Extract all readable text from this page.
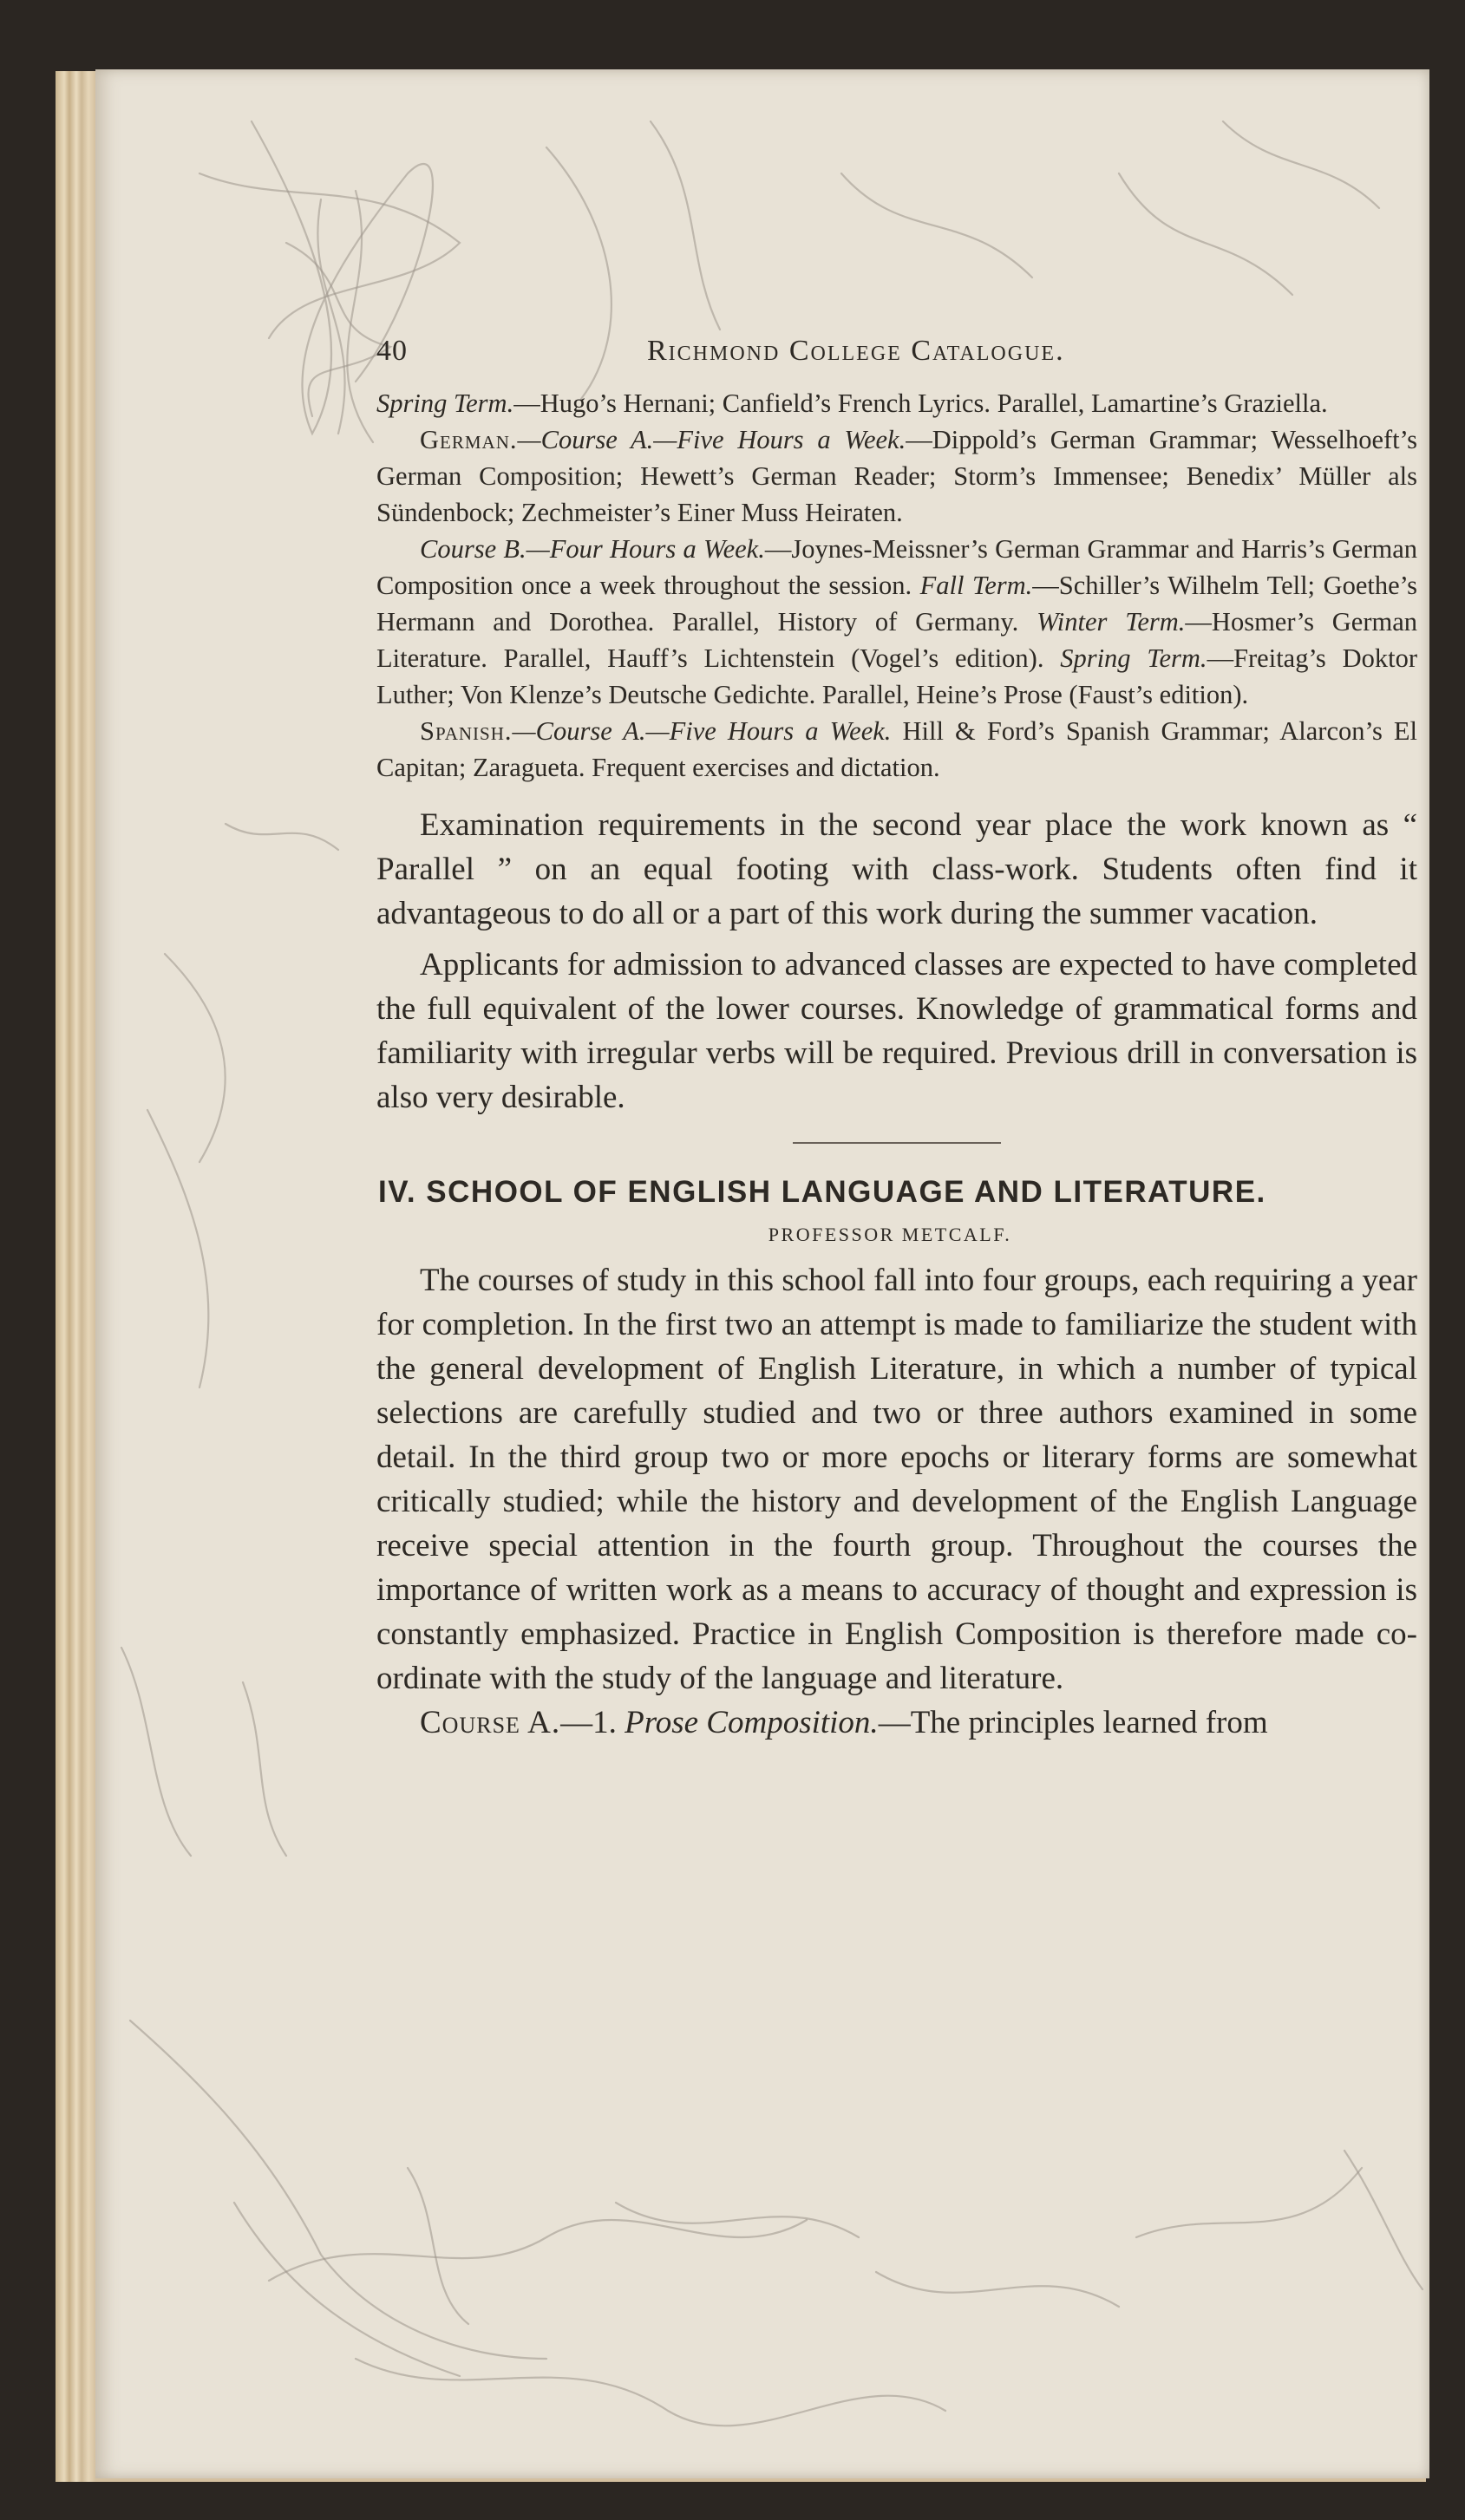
40	Richmond College Catalogue.

Spring Term.—Hugo’s Hernani; Canfield’s French Lyrics. Parallel, Lamartine’s Graziella.

German.—Course A.—Five Hours a Week.—Dippold’s German Grammar; Wesselhoeft’s German Composition; Hewett’s German Reader; Storm’s Immensee; Benedix’ Müller als Sündenbock; Zechmeister’s Einer Muss Heiraten.

Course B.—Four Hours a Week.—Joynes-Meissner’s German Grammar and Harris’s German Composition once a week throughout the session. Fall Term.—Schiller’s Wilhelm Tell; Goethe’s Hermann and Dorothea. Parallel, History of Germany. Winter Term.—Hosmer’s German Literature. Parallel, Hauff’s Lichtenstein (Vogel’s edition). Spring Term.—Freitag’s Doktor Luther; Von Klenze’s Deutsche Gedichte. Parallel, Heine’s Prose (Faust’s edition).

Spanish.—Course A.—Five Hours a Week. Hill & Ford’s Spanish Grammar; Alarcon’s El Capitan; Zaragueta. Frequent exercises and dictation.

Examination requirements in the second year place the work known as “ Parallel ” on an equal footing with class-work. Students often find it advantageous to do all or a part of this work during the summer vacation.

Applicants for admission to advanced classes are expected to have completed the full equivalent of the lower courses. Knowledge of grammatical forms and familiarity with irregular verbs will be required. Previous drill in conversation is also very desirable.

IV. SCHOOL OF ENGLISH LANGUAGE AND LITERATURE.
PROFESSOR METCALF.

The courses of study in this school fall into four groups, each requiring a year for completion. In the first two an attempt is made to familiarize the student with the general development of English Literature, in which a number of typical selections are carefully studied and two or three authors examined in some detail. In the third group two or more epochs or literary forms are somewhat critically studied; while the history and development of the English Language receive special attention in the fourth group. Throughout the courses the importance of written work as a means to accuracy of thought and expression is constantly emphasized. Practice in English Composition is therefore made co-ordinate with the study of the language and literature.

Course A.—1. Prose Composition.—The principles learned from
